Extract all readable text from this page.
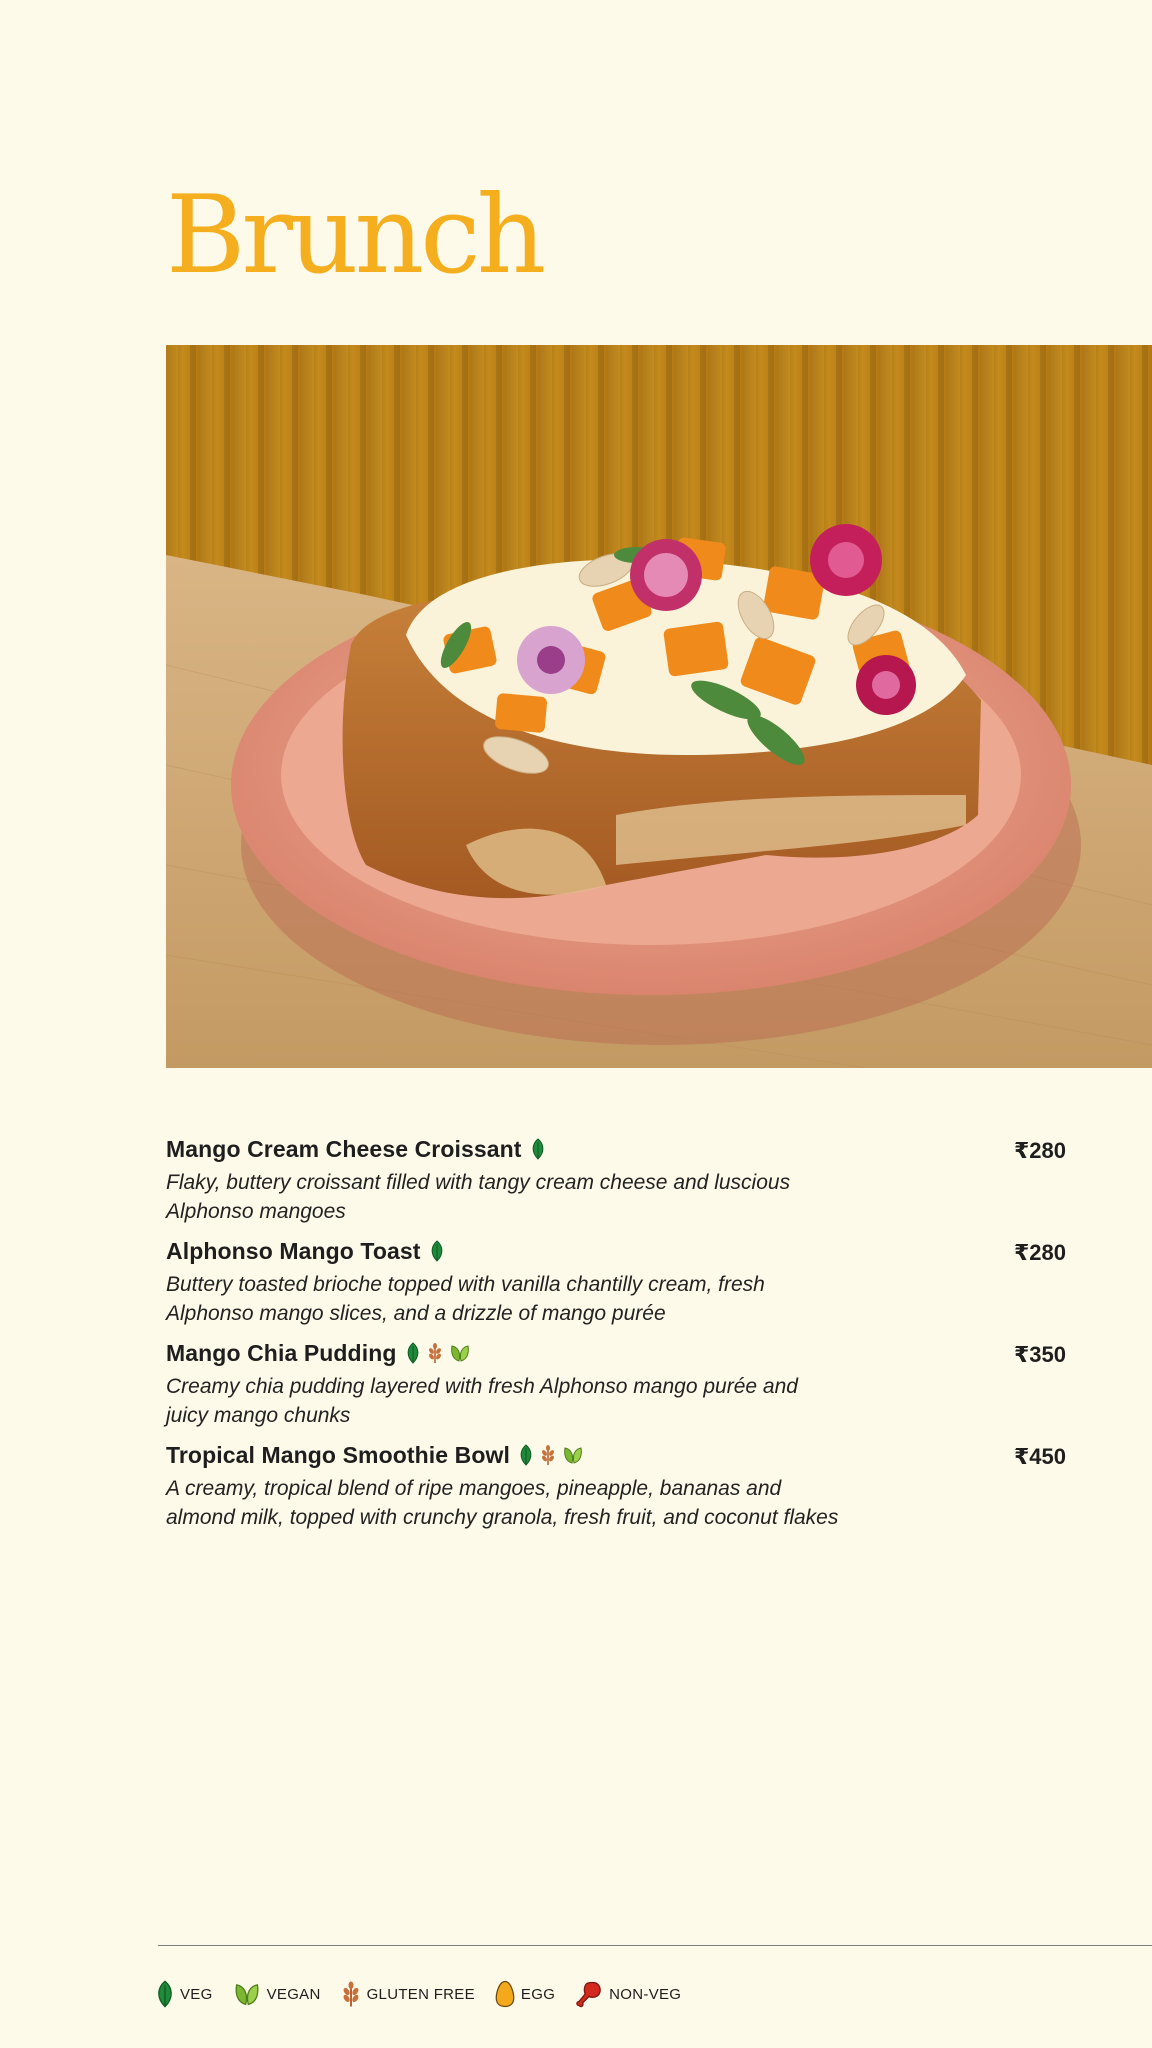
Brunch
Mango Cream Cheese Croissant	₹280
Flaky, buttery croissant filled with tangy cream cheese and luscious
Alphonso mangoes
Alphonso Mango Toast	₹280
Buttery toasted brioche topped with vanilla chantilly cream, fresh
Alphonso mango slices, and a drizzle of mango purée
Mango Chia Pudding	₹350
Creamy chia pudding layered with fresh Alphonso mango purée and
juicy mango chunks
Tropical Mango Smoothie Bowl	₹450
A creamy, tropical blend of ripe mangoes, pineapple, bananas and
almond milk, topped with crunchy granola, fresh fruit, and coconut flakes
VEG	VEGAN	GLUTEN FREE	EGG	NON-VEG
